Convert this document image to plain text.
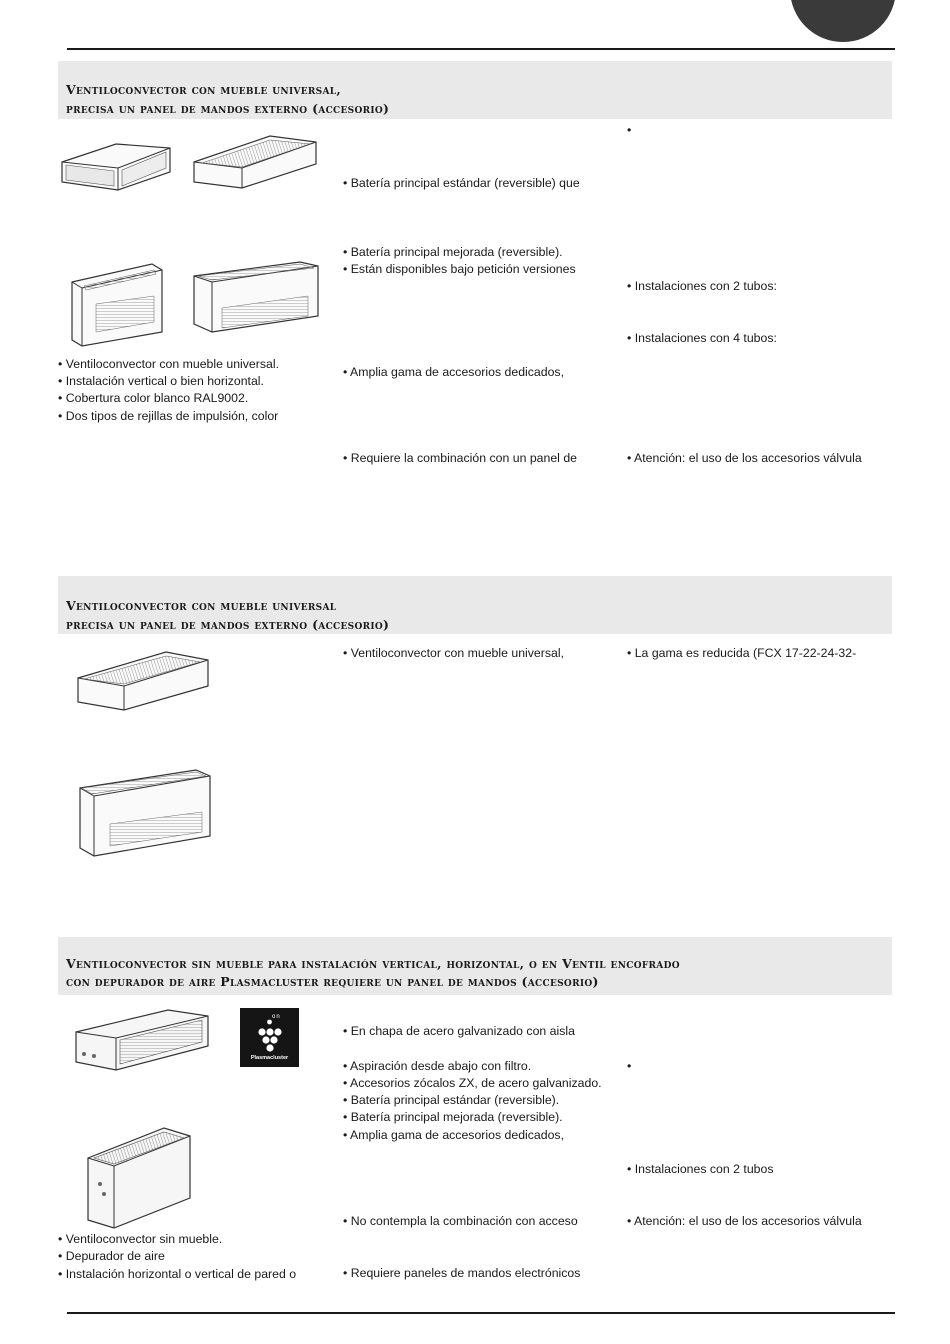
Ventiloconvector con mueble universal,
precisa un panel de mandos externo (accesorio)
• Ventiloconvector con mueble universal.
• Instalación vertical o bien horizontal.
• Cobertura color blanco RAL9002.
• Dos tipos de rejillas de impulsión, color
• Batería principal estándar (reversible) que
• Batería principal mejorada (reversible).
• Están disponibles bajo petición versiones
• Amplia gama de accesorios dedicados,
• Requiere la combinación con un panel de
•
• Instalaciones con 2 tubos:
• Instalaciones con 4 tubos:
• Atención: el uso de los accesorios válvula
Ventiloconvector con mueble universal
precisa un panel de mandos externo (accesorio)
• Ventiloconvector con mueble universal,	• La gama es reducida (FCX 17-22-24-32-
Ventiloconvector sin mueble para instalación vertical, horizontal, o en Ventil encofrado
con depurador de aire Plasmacluster requiere un panel de mandos (accesorio)
on
Plasmacluster
• Ventiloconvector sin mueble.
• Depurador de aire
• Instalación horizontal o vertical de pared o
• En chapa de acero galvanizado con aisla
• Aspiración desde abajo con filtro.
• Accesorios zócalos ZX, de acero galvanizado.
• Batería principal estándar (reversible).
• Batería principal mejorada (reversible).
• Amplia gama de accesorios dedicados,
• No contempla la combinación con acceso
• Requiere paneles de mandos electrónicos
•
• Instalaciones con 2 tubos
• Atención: el uso de los accesorios válvula
